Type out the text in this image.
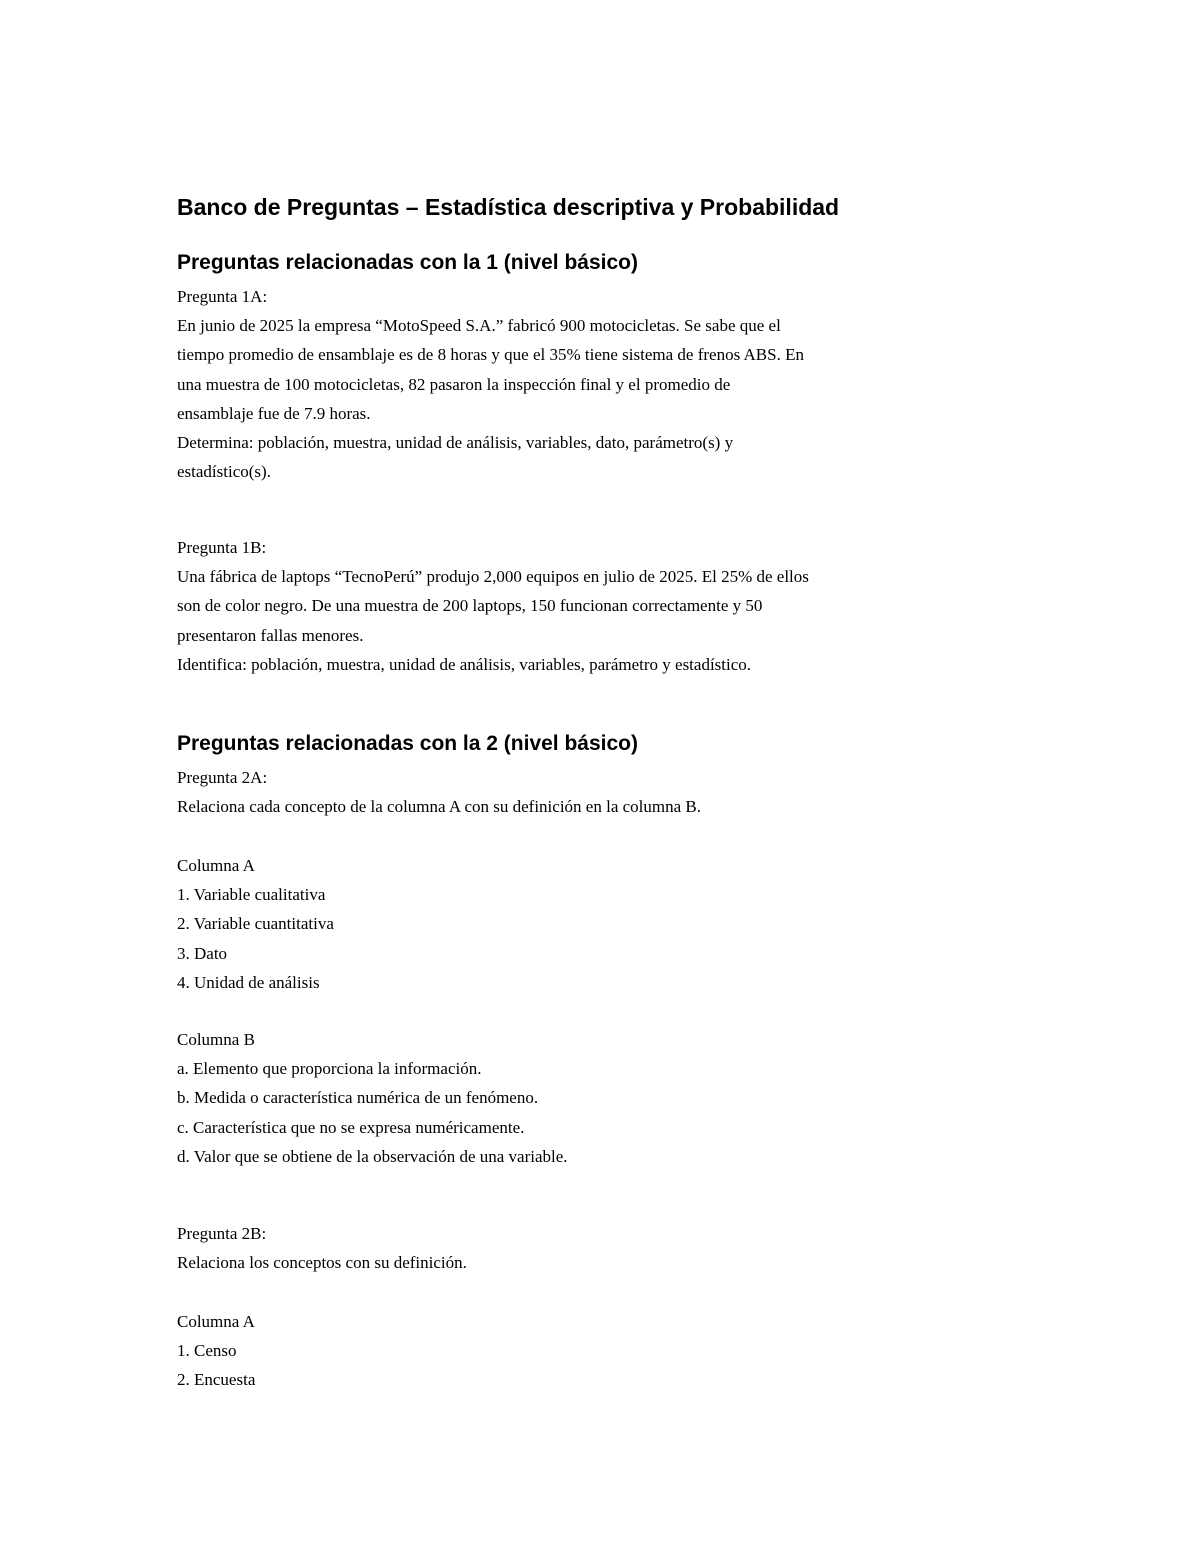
Banco de Preguntas – Estadística descriptiva y Probabilidad
Preguntas relacionadas con la 1 (nivel básico)
Pregunta 1A:
En junio de 2025 la empresa “MotoSpeed S.A.” fabricó 900 motocicletas. Se sabe que el
tiempo promedio de ensamblaje es de 8 horas y que el 35% tiene sistema de frenos ABS. En
una muestra de 100 motocicletas, 82 pasaron la inspección final y el promedio de
ensamblaje fue de 7.9 horas.
Determina: población, muestra, unidad de análisis, variables, dato, parámetro(s) y
estadístico(s).
Pregunta 1B:
Una fábrica de laptops “TecnoPerú” produjo 2,000 equipos en julio de 2025. El 25% de ellos
son de color negro. De una muestra de 200 laptops, 150 funcionan correctamente y 50
presentaron fallas menores.
Identifica: población, muestra, unidad de análisis, variables, parámetro y estadístico.
Preguntas relacionadas con la 2 (nivel básico)
Pregunta 2A:
Relaciona cada concepto de la columna A con su definición en la columna B.
Columna A
1. Variable cualitativa
2. Variable cuantitativa
3. Dato
4. Unidad de análisis
Columna B
a. Elemento que proporciona la información.
b. Medida o característica numérica de un fenómeno.
c. Característica que no se expresa numéricamente.
d. Valor que se obtiene de la observación de una variable.
Pregunta 2B:
Relaciona los conceptos con su definición.
Columna A
1. Censo
2. Encuesta
